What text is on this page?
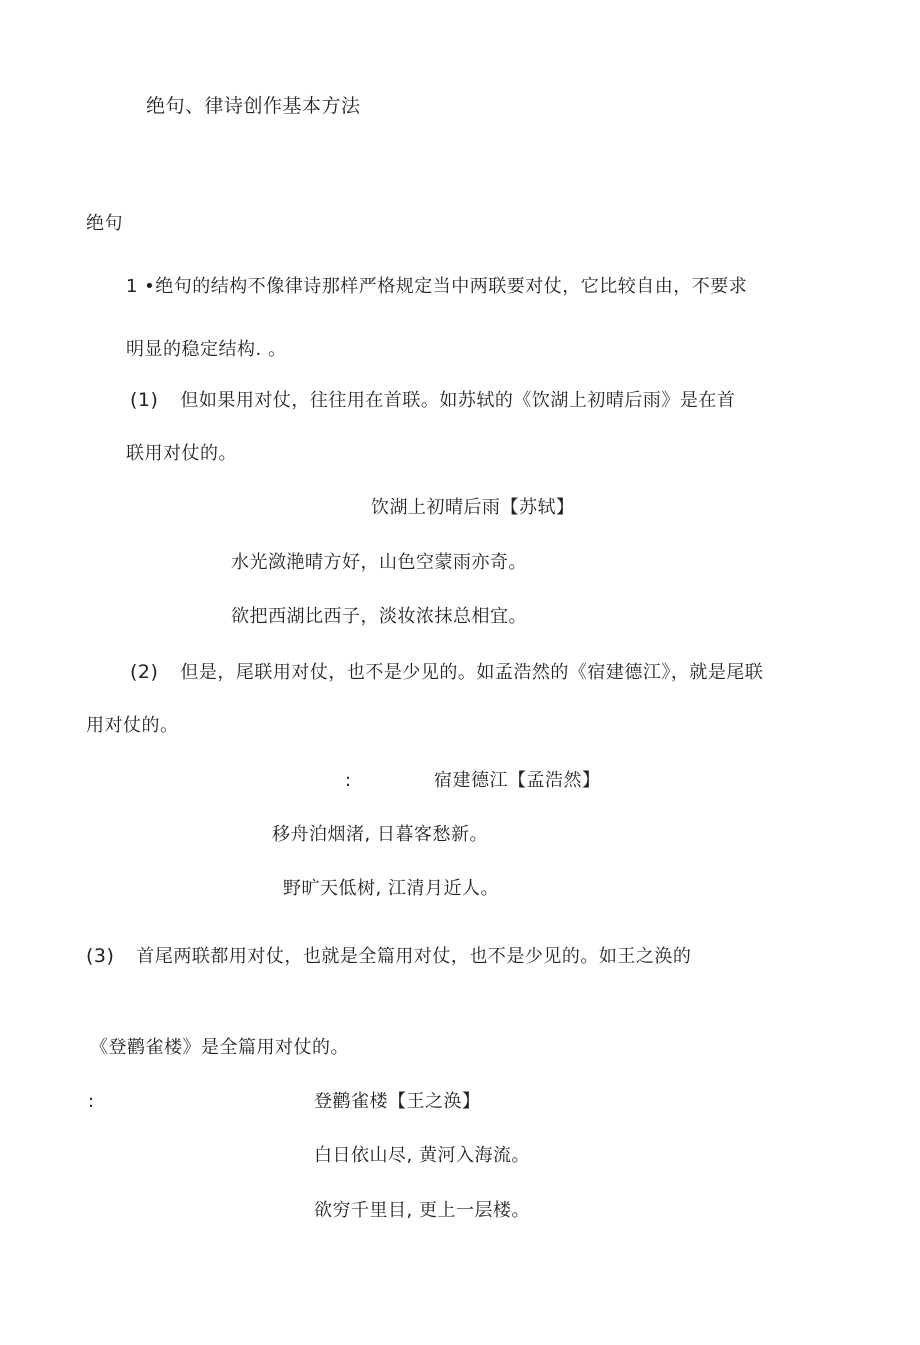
绝句、律诗创作基本方法
绝句
1 •绝句的结构不像律诗那样严格规定当中两联要对仗，它比较自由，不要求
明显的稳定结构. 。
(1) 但如果用对仗，往往用在首联。如苏轼的《饮湖上初晴后雨》是在首
联用对仗的。
饮湖上初晴后雨【苏轼】
水光潋滟晴方好，山色空蒙雨亦奇。
欲把西湖比西子，淡妆浓抹总相宜。
(2) 但是，尾联用对仗，也不是少见的。如孟浩然的《宿建德江》，就是尾联
用对仗的。
:	宿建德江【孟浩然】
移舟泊烟渚, 日暮客愁新。
野旷天低树, 江清月近人。
(3) 首尾两联都用对仗，也就是全篇用对仗，也不是少见的。如王之涣的
《登鹳雀楼》是全篇用对仗的。
:	登鹳雀楼【王之涣】
白日依山尽, 黄河入海流。
欲穷千里目, 更上一层楼。
